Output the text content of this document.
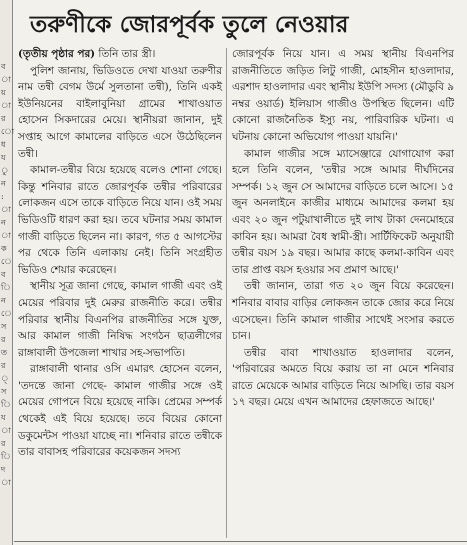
ব
া
য়
া
র
ো
ধ
য
ু
ন
:
া
ন
া
ক
ে
ব
ি
ন
ে
স
র
ত
র
্
স
ি
য
া
র
ি
দ
া
তরুণীকে জোরপূর্বক তুলে নেওয়ার

(তৃতীয় পৃষ্ঠার পর) তিনি তার স্ত্রী।

পুলিশ জানায়, ভিডিওতে দেখা যাওয়া তরুণীর নাম তন্বী বেগম উর্মে সুলতানা তন্বী), তিনি একই ইউনিয়নের বাইলাবুনিয়া গ্রামের শাখাওয়াত হোসেন সিকদারের মেয়ে। স্থানীয়রা জানান, দুই সপ্তাহ আগে কামালের বাড়িতে এসে উঠেছিলেন তন্বী।

কামাল-তন্বীর বিয়ে হয়েছে বলেও শোনা গেছে। কিন্তু শনিবার রাতে জোরপূর্বক তন্বীর পরিবারের লোকজন এসে তাকে বাড়িতে নিয়ে যান। ওই সময় ভিডিওটি ধারণ করা হয়। তবে ঘটনার সময় কামাল গাজী বাড়িতে ছিলেন না। কারণ, গত ৫ আগস্টের পর থেকে তিনি এলাকায় নেই। তিনি সংগ্রহীত ভিডিও শেয়ার করেছেন।

স্থানীয় সূত্র জানা গেছে, কামাল গাজী এবং ওই মেয়ের পরিবার দুই মেরুর রাজনীতি করে। তন্বীর পরিবার স্থানীয় বিএনপির রাজনীতির সঙ্গে যুক্ত, আর কামাল গাজী নিষিদ্ধ সংগঠন ছাত্রলীগের রাঙ্গাবালী উপজেলা শাখার সহ-সভাপতি।

রাঙ্গাবালী থানার ওসি এমারৎ হোসেন বলেন, 'তদন্তে জানা গেছে- কামাল গাজীর সঙ্গে ওই মেয়ের গোপনে বিয়ে হয়েছে নাকি। প্রেমের সম্পর্ক থেকেই এই বিয়ে হয়েছে। তবে বিয়ের কোনো ডকুমেন্টস পাওয়া যাচ্ছে না। শনিবার রাতে তন্বীকে তার বাবাসহ পরিবারের কয়েকজন সদস্য

জোরপূর্বক নিয়ে যান। এ সময় স্থানীয় বিএনপির রাজনীতিতে জড়িত লিটু গাজী, মোহসীন হাওলাদার, এরশাদ হাওলাদার এবং স্থানীয় ইউপি সদস্য (মৌডুবি ৯ নম্বর ওয়ার্ড) ইলিয়াস গাজীও উপস্থিত ছিলেন। এটি কোনো রাজনৈতিক ইস্যু নয়, পারিবারিক ঘটনা। এ ঘটনায় কোনো অভিযোগ পাওয়া যায়নি।'

কামাল গাজীর সঙ্গে ম্যাসেঞ্জারে যোগাযোগ করা হলে তিনি বলেন, 'তন্বীর সঙ্গে আমার দীর্ঘদিনের সম্পর্ক। ১২ জুন সে আমাদের বাড়িতে চলে আসে। ১৫ জুন অনলাইনে কাজীর মাধ্যমে আমাদের কলমা হয় এবং ২০ জুন পটুয়াখালীতে দুই লাখ টাকা দেনমোহরে কাবিন হয়। আমরা বৈধ স্বামী-স্ত্রী। সার্টিফিকেট অনুযায়ী তন্বীর বয়স ১৯ বছর। আমার কাছে কলমা-কাবিন এবং তার প্রাপ্ত বয়স হওয়ার সব প্রমাণ আছে।'

তন্বী জানান, তারা গত ২০ জুন বিয়ে করেছেন। শনিবার বাবার বাড়ির লোকজন তাকে জোর করে নিয়ে এসেছেন। তিনি কামাল গাজীর সাথেই সংসার করতে চান।

তন্বীর বাবা শাখাওয়াত হাওলাদার বলেন, 'পরিবারের অমতে বিয়ে করায় তা না মেনে শনিবার রাতে মেয়েকে আমার বাড়িতে নিয়ে আসছি। তার বয়স ১৭ বছর। মেয়ে এখন আমাদের হেফাজতে আছে।'
